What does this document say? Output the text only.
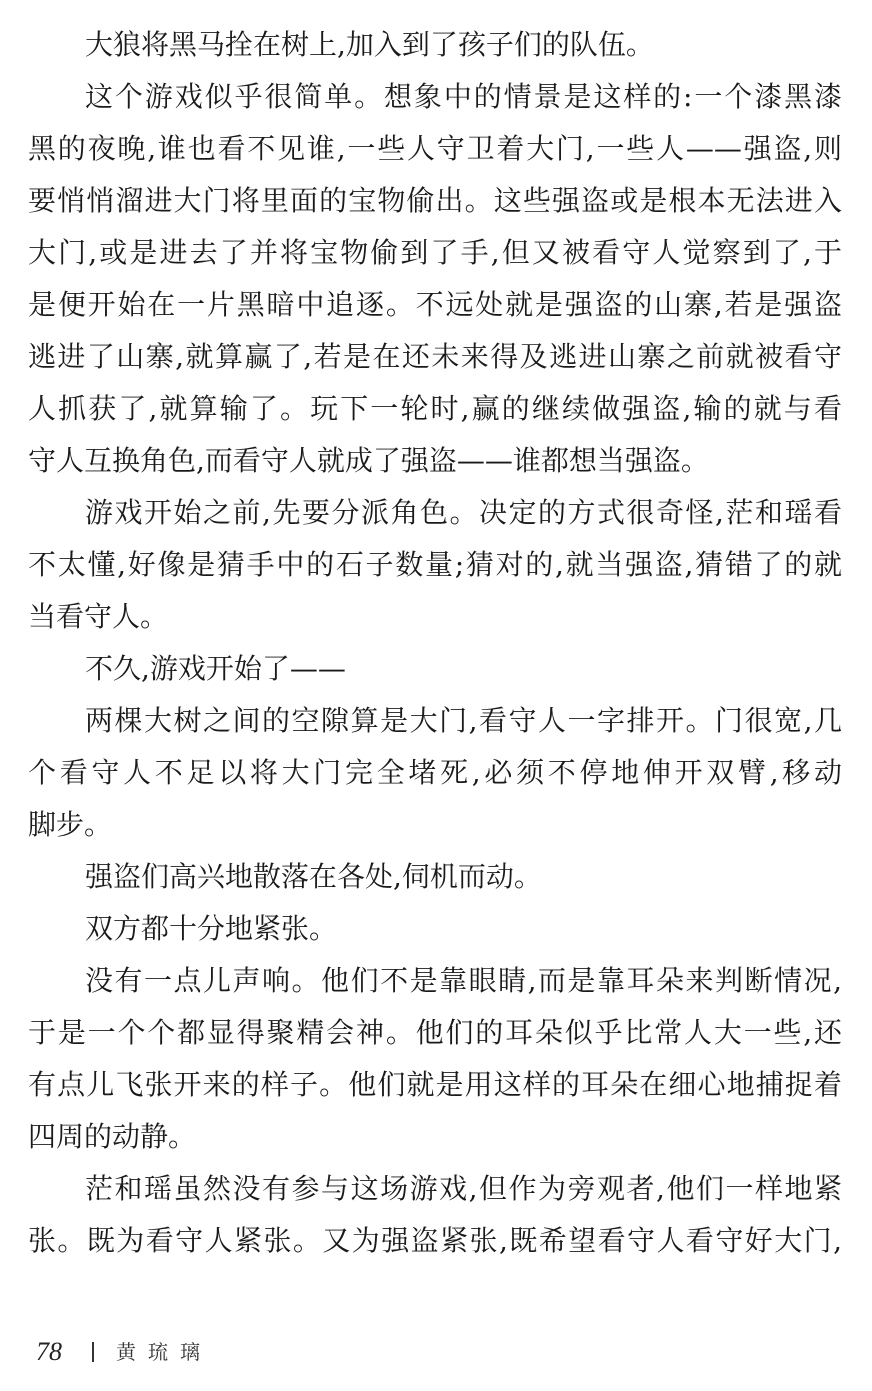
大狼将黑马拴在树上,加入到了孩子们的队伍。
这个游戏似乎很简单。想象中的情景是这样的:一个漆黑漆
黑的夜晚,谁也看不见谁,一些人守卫着大门,一些人——强盗,则
要悄悄溜进大门将里面的宝物偷出。这些强盗或是根本无法进入
大门,或是进去了并将宝物偷到了手,但又被看守人觉察到了,于
是便开始在一片黑暗中追逐。不远处就是强盗的山寨,若是强盗
逃进了山寨,就算赢了,若是在还未来得及逃进山寨之前就被看守
人抓获了,就算输了。玩下一轮时,赢的继续做强盗,输的就与看
守人互换角色,而看守人就成了强盗——谁都想当强盗。
游戏开始之前,先要分派角色。决定的方式很奇怪,茫和瑶看
不太懂,好像是猜手中的石子数量;猜对的,就当强盗,猜错了的就
当看守人。
不久,游戏开始了——
两棵大树之间的空隙算是大门,看守人一字排开。门很宽,几
个看守人不足以将大门完全堵死,必须不停地伸开双臂,移动
脚步。
强盗们高兴地散落在各处,伺机而动。
双方都十分地紧张。
没有一点儿声响。他们不是靠眼睛,而是靠耳朵来判断情况,
于是一个个都显得聚精会神。他们的耳朵似乎比常人大一些,还
有点儿飞张开来的样子。他们就是用这样的耳朵在细心地捕捉着
四周的动静。
茫和瑶虽然没有参与这场游戏,但作为旁观者,他们一样地紧
张。既为看守人紧张。又为强盗紧张,既希望看守人看守好大门,
78	黄琉璃
